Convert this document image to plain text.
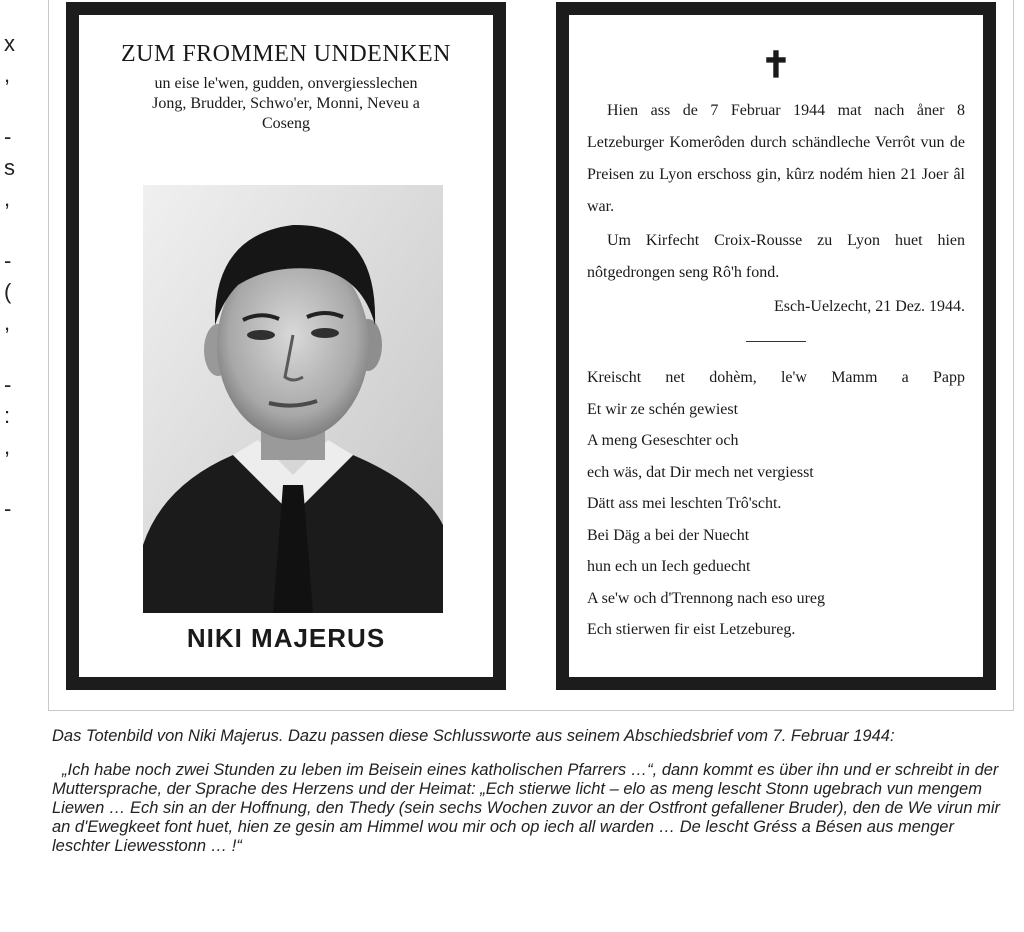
x
,
-
s
,
-
(
,
-
:
,
-
ZUM FROMMEN UNDENKEN
un eise le'wen, gudden, onvergiesslechen
Jong, Brudder, Schwo'er, Monni, Neveu a
Coseng
NIKI MAJERUS
✝

Hien ass de 7 Februar 1944 mat nach åner 8 Letzeburger Komerôden durch schändleche Verrôt vun de Preisen zu Lyon erschoss gin, kûrz nodém hien 21 Joer âl war.

Um Kirfecht Croix-Rousse zu Lyon huet hien nôtgedrongen seng Rô'h fond.

Esch-Uelzecht, 21 Dez. 1944.
Kreischt net dohèm, le'w Mamm a Papp
Et wir ze schén gewiest
A meng Geseschter och
ech wäs, dat Dir mech net vergiesst
Dätt ass mei leschten Trô'scht.
Bei Däg a bei der Nuecht
hun ech un Iech geduecht
A se'w och d'Trennong nach eso ureg
Ech stierwen fir eist Letzebureg.

Das Totenbild von Niki Majerus. Dazu passen diese Schlussworte aus seinem Abschiedsbrief vom 7. Februar 1944:

„Ich habe noch zwei Stunden zu leben im Beisein eines katholischen Pfarrers …“, dann kommt es über ihn und er schreibt in der Muttersprache, der Sprache des Herzens und der Heimat: „Ech stierwe licht – elo as meng lescht Stonn ugebrach vun mengem Liewen … Ech sin an der Hoffnung, den Thedy (sein sechs Wochen zuvor an der Ostfront gefallener Bruder), den de We virun mir an d'Ewegkeet font huet, hien ze gesin am Himmel wou mir och op iech all warden … De lescht Gréss a Bésen aus menger leschter Liewesstonn … !“
